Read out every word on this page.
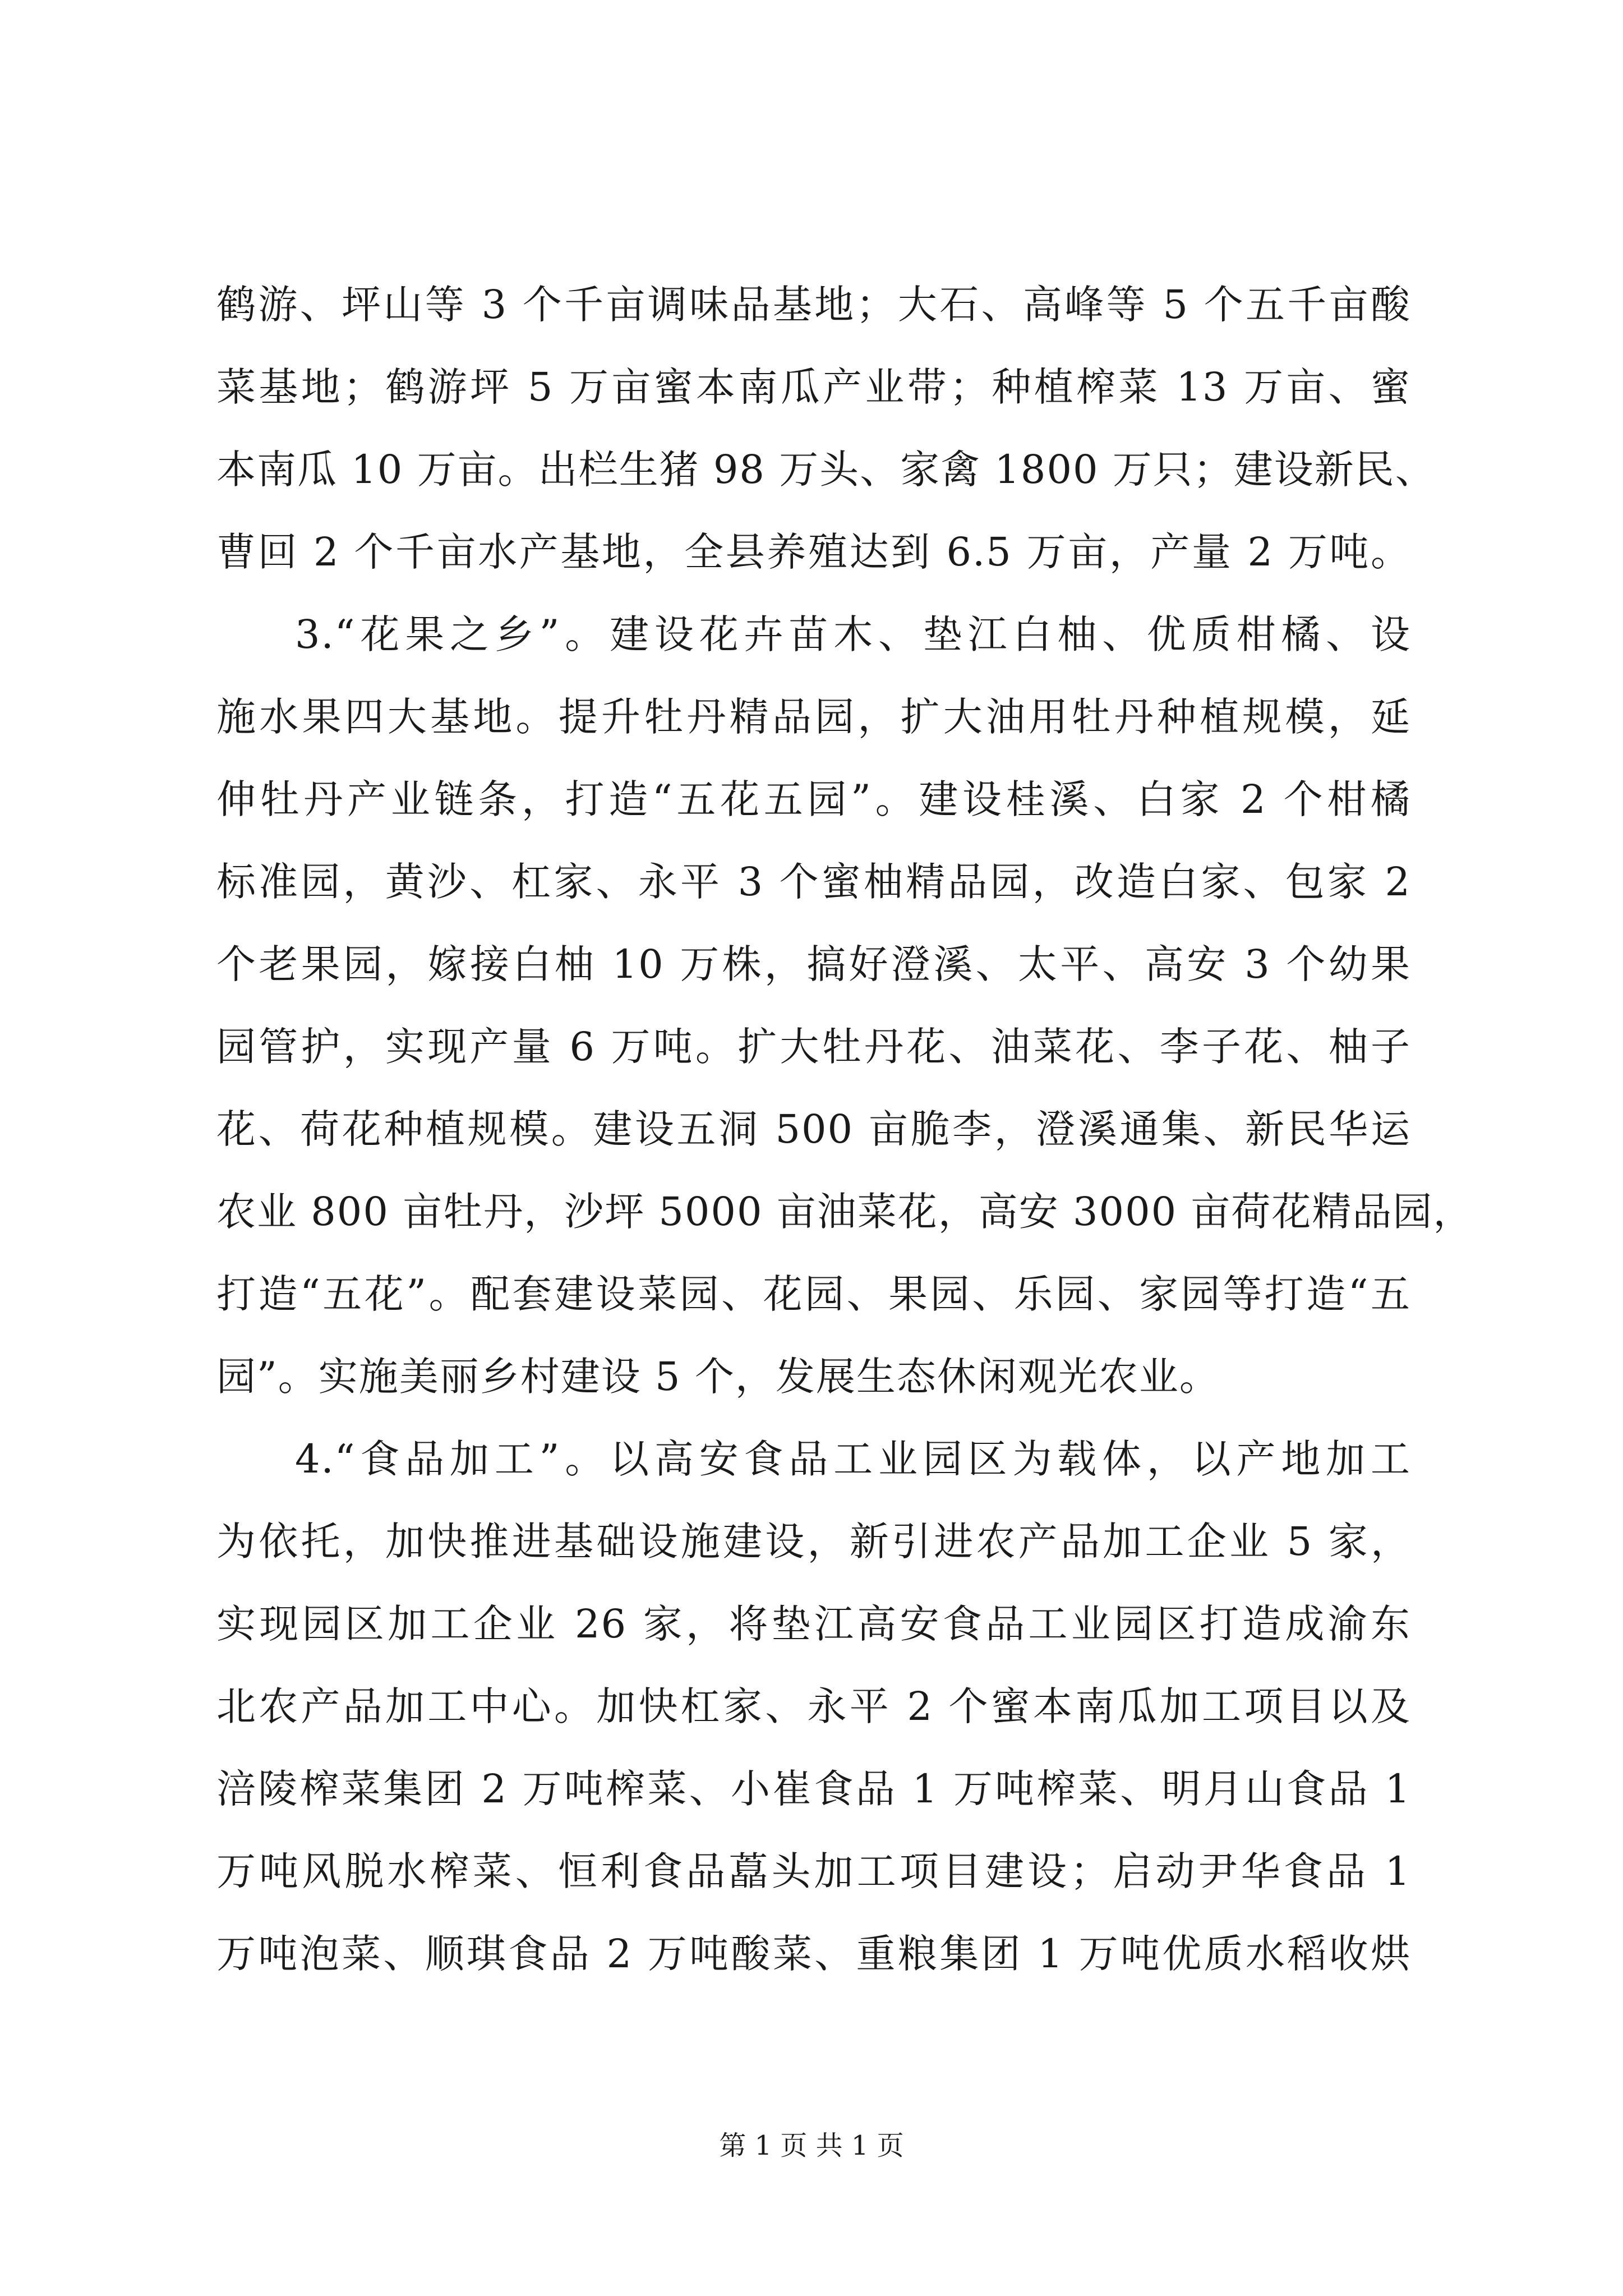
鹤游、坪山等 3 个千亩调味品基地；大石、高峰等 5 个五千亩酸
菜基地；鹤游坪 5 万亩蜜本南瓜产业带；种植榨菜 13 万亩、蜜
本南瓜 10 万亩。出栏生猪 98 万头、家禽 1800 万只；建设新民、
曹回 2 个千亩水产基地，全县养殖达到 6.5 万亩，产量 2 万吨。
3.“花果之乡”。建设花卉苗木、垫江白柚、优质柑橘、设
施水果四大基地。提升牡丹精品园，扩大油用牡丹种植规模，延
伸牡丹产业链条，打造“五花五园”。建设桂溪、白家 2 个柑橘
标准园，黄沙、杠家、永平 3 个蜜柚精品园，改造白家、包家 2
个老果园，嫁接白柚 10 万株，搞好澄溪、太平、高安 3 个幼果
园管护，实现产量 6 万吨。扩大牡丹花、油菜花、李子花、柚子
花、荷花种植规模。建设五洞 500 亩脆李，澄溪通集、新民华运
农业 800 亩牡丹，沙坪 5000 亩油菜花，高安 3000 亩荷花精品园，
打造“五花”。配套建设菜园、花园、果园、乐园、家园等打造“五
园”。实施美丽乡村建设 5 个，发展生态休闲观光农业。
4.“食品加工”。以高安食品工业园区为载体，以产地加工
为依托，加快推进基础设施建设，新引进农产品加工企业 5 家，
实现园区加工企业 26 家，将垫江高安食品工业园区打造成渝东
北农产品加工中心。加快杠家、永平 2 个蜜本南瓜加工项目以及
涪陵榨菜集团 2 万吨榨菜、小崔食品 1 万吨榨菜、明月山食品 1
万吨风脱水榨菜、恒利食品藠头加工项目建设；启动尹华食品 1
万吨泡菜、顺琪食品 2 万吨酸菜、重粮集团 1 万吨优质水稻收烘
第 1 页 共 1 页
